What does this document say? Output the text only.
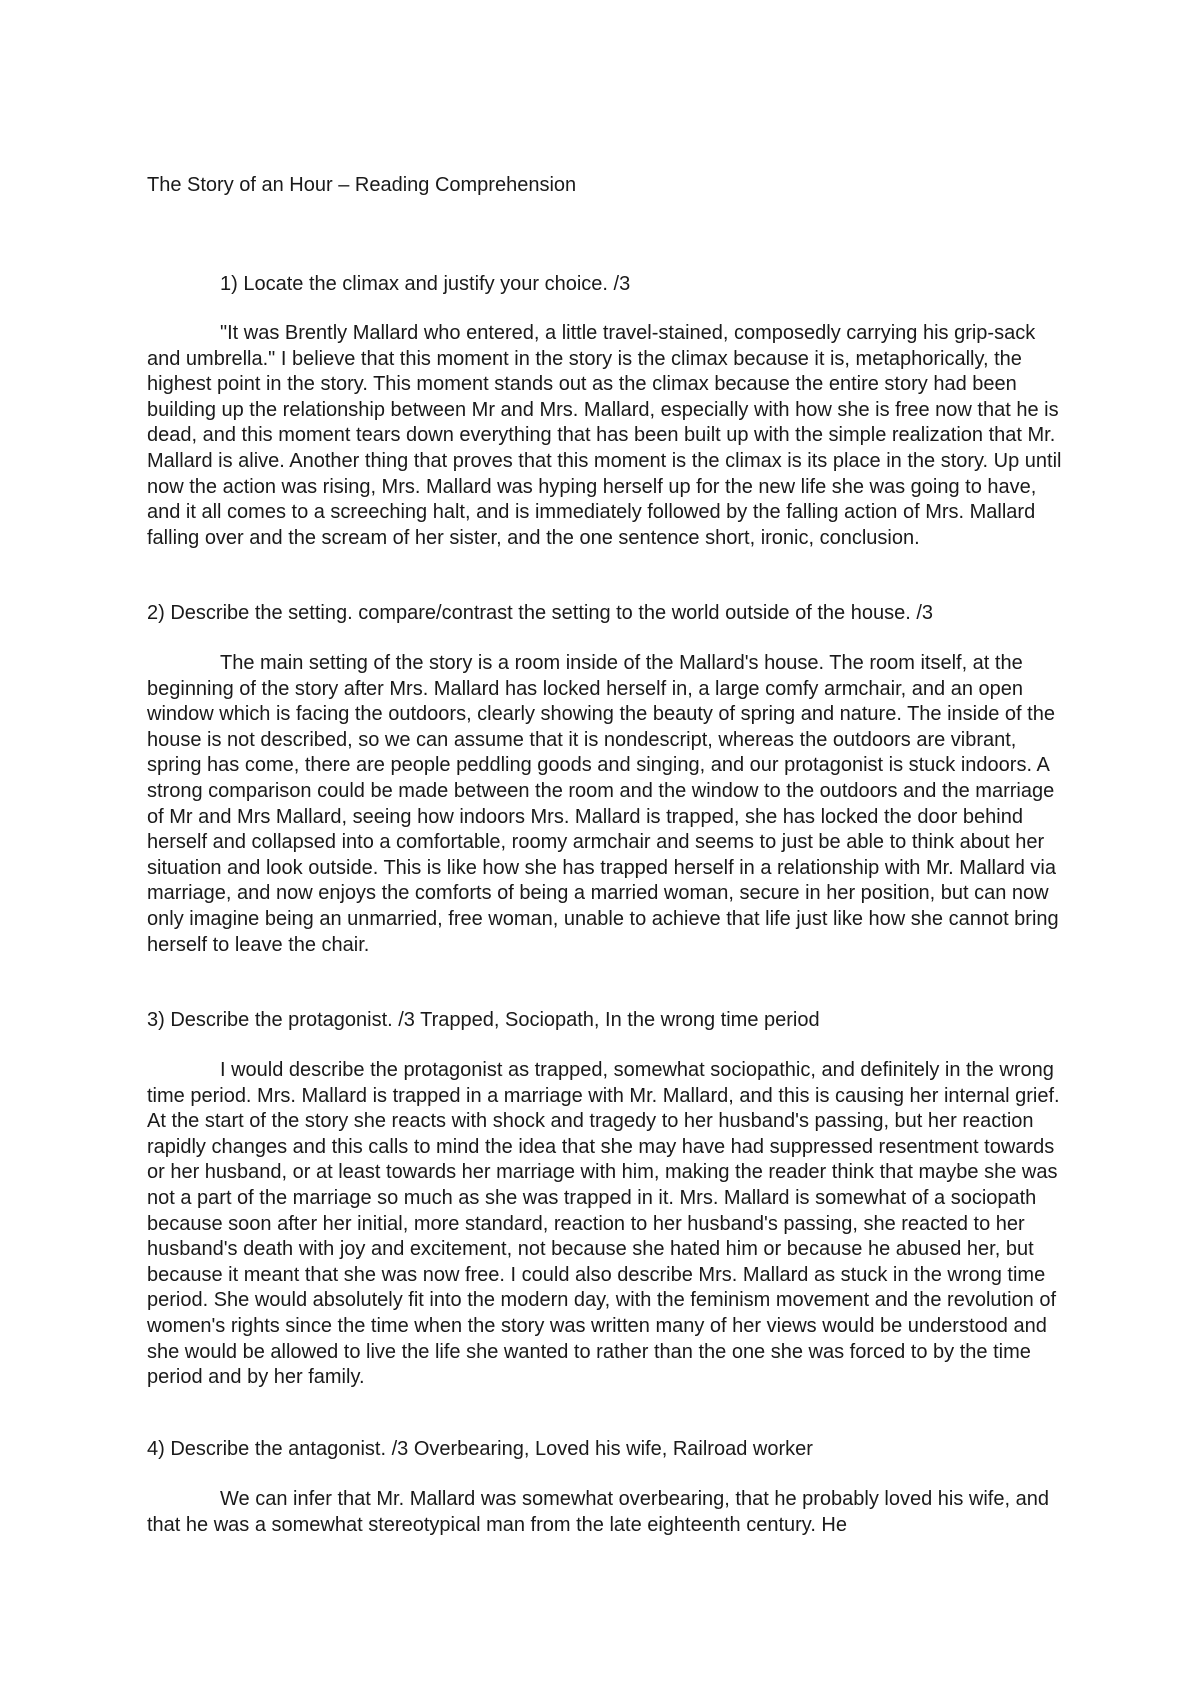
The Story of an Hour – Reading Comprehension

1) Locate the climax and justify your choice. /3

"It was Brently Mallard who entered, a little travel-stained, composedly carrying his grip-sack and umbrella." I believe that this moment in the story is the climax because it is, metaphorically, the highest point in the story. This moment stands out as the climax because the entire story had been building up the relationship between Mr and Mrs. Mallard, especially with how she is free now that he is dead, and this moment tears down everything that has been built up with the simple realization that Mr. Mallard is alive. Another thing that proves that this moment is the climax is its place in the story. Up until now the action was rising, Mrs. Mallard was hyping herself up for the new life she was going to have, and it all comes to a screeching halt, and is immediately followed by the falling action of Mrs. Mallard falling over and the scream of her sister, and the one sentence short, ironic, conclusion.

2) Describe the setting. compare/contrast the setting to the world outside of the house. /3

The main setting of the story is a room inside of the Mallard's house. The room itself, at the beginning of the story after Mrs. Mallard has locked herself in, a large comfy armchair, and an open window which is facing the outdoors, clearly showing the beauty of spring and nature. The inside of the house is not described, so we can assume that it is nondescript, whereas the outdoors are vibrant, spring has come, there are people peddling goods and singing, and our protagonist is stuck indoors. A strong comparison could be made between the room and the window to the outdoors and the marriage of Mr and Mrs Mallard, seeing how indoors Mrs. Mallard is trapped, she has locked the door behind herself and collapsed into a comfortable, roomy armchair and seems to just be able to think about her situation and look outside. This is like how she has trapped herself in a relationship with Mr. Mallard via marriage, and now enjoys the comforts of being a married woman, secure in her position, but can now only imagine being an unmarried, free woman, unable to achieve that life just like how she cannot bring herself to leave the chair.

3) Describe the protagonist. /3 Trapped, Sociopath, In the wrong time period

I would describe the protagonist as trapped, somewhat sociopathic, and definitely in the wrong time period. Mrs. Mallard is trapped in a marriage with Mr. Mallard, and this is causing her internal grief. At the start of the story she reacts with shock and tragedy to her husband's passing, but her reaction rapidly changes and this calls to mind the idea that she may have had suppressed resentment towards or her husband, or at least towards her marriage with him, making the reader think that maybe she was not a part of the marriage so much as she was trapped in it. Mrs. Mallard is somewhat of a sociopath because soon after her initial, more standard, reaction to her husband's passing, she reacted to her husband's death with joy and excitement, not because she hated him or because he abused her, but because it meant that she was now free. I could also describe Mrs. Mallard as stuck in the wrong time period. She would absolutely fit into the modern day, with the feminism movement and the revolution of women's rights since the time when the story was written many of her views would be understood and she would be allowed to live the life she wanted to rather than the one she was forced to by the time period and by her family.

4) Describe the antagonist. /3 Overbearing, Loved his wife, Railroad worker

We can infer that Mr. Mallard was somewhat overbearing, that he probably loved his wife, and that he was a somewhat stereotypical man from the late eighteenth century. He
